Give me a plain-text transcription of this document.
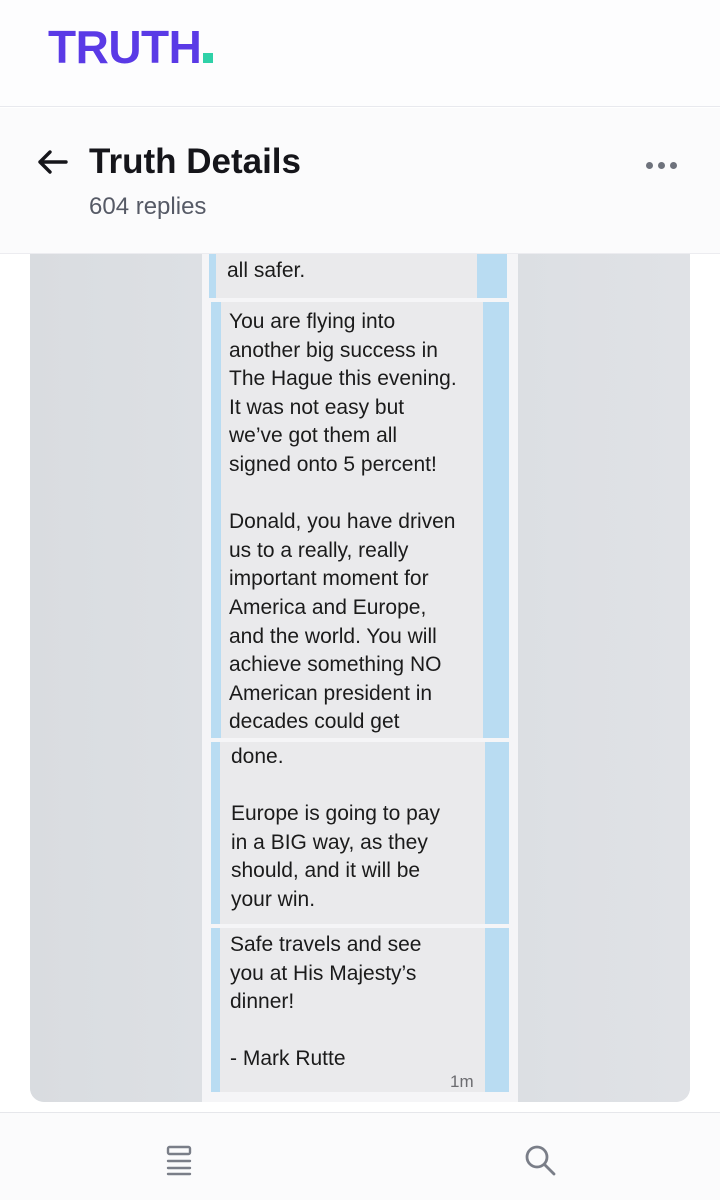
TRUTH
Truth Details
604 replies

all safer.

You are flying into
another big success in
The Hague this evening.
It was not easy but
we’ve got them all
signed onto 5 percent!

Donald, you have driven
us to a really, really
important moment for
America and Europe,
and the world. You will
achieve something NO
American president in
decades could get

done.

Europe is going to pay
in a BIG way, as they
should, and it will be
your win.

Safe travels and see
you at His Majesty’s
dinner!

- Mark Rutte

1m
